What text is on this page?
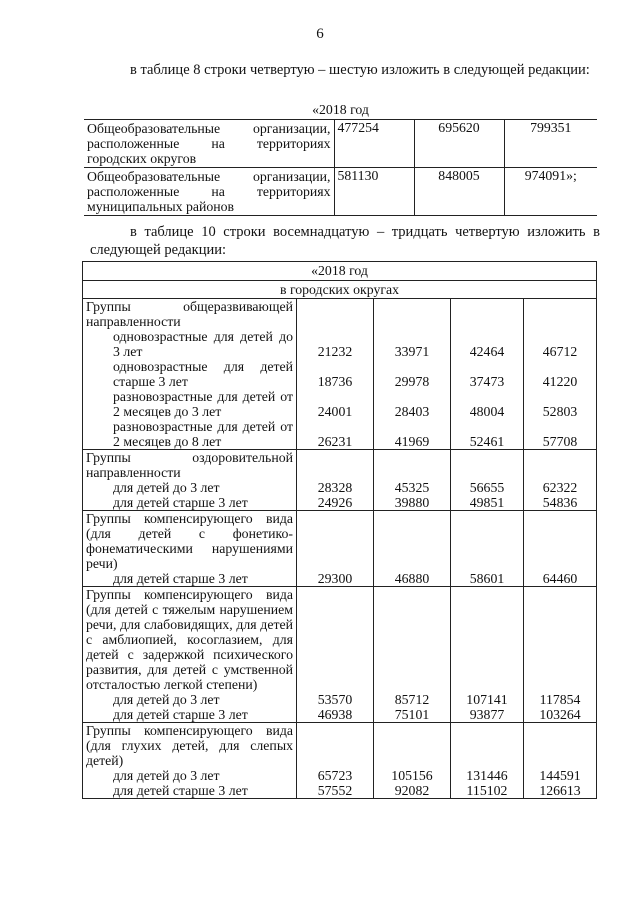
6
в таблице 8 строки четвертую – шестую изложить в следующей редакции:
«2018 год			
Общеобразовательные организации, расположенные на территориях городских округов	477254	695620	799351
Общеобразовательные организации, расположенные на территориях муниципальных районов	581130	848005	974091»;
в таблице 10 строки восемнадцатую – тридцать четвертую изложить в следующей редакции:
«2018 год				
в городских округах				
Группы общеразвивающей направленности				
одновозрастные для детей до 3 лет	21232	33971	42464	46712
одновозрастные для детей старше 3 лет	18736	29978	37473	41220
разновозрастные для детей от 2 месяцев до 3 лет	24001	28403	48004	52803
разновозрастные для детей от 2 месяцев до 8 лет	26231	41969	52461	57708
Группы оздоровительной направленности				
для детей до 3 лет	28328	45325	56655	62322
для детей старше 3 лет	24926	39880	49851	54836
Группы компенсирующего вида (для детей с фонетико-фонематическими нарушениями речи)				
для детей старше 3 лет	29300	46880	58601	64460
Группы компенсирующего вида (для детей с тяжелым нарушением речи, для слабовидящих, для детей с амблиопией, косоглазием, для детей с задержкой психического развития, для детей с умственной отсталостью легкой степени)				
для детей до 3 лет	53570	85712	107141	117854
для детей старше 3 лет	46938	75101	93877	103264
Группы компенсирующего вида (для глухих детей, для слепых детей)				
для детей до 3 лет	65723	105156	131446	144591
для детей старше 3 лет	57552	92082	115102	126613
